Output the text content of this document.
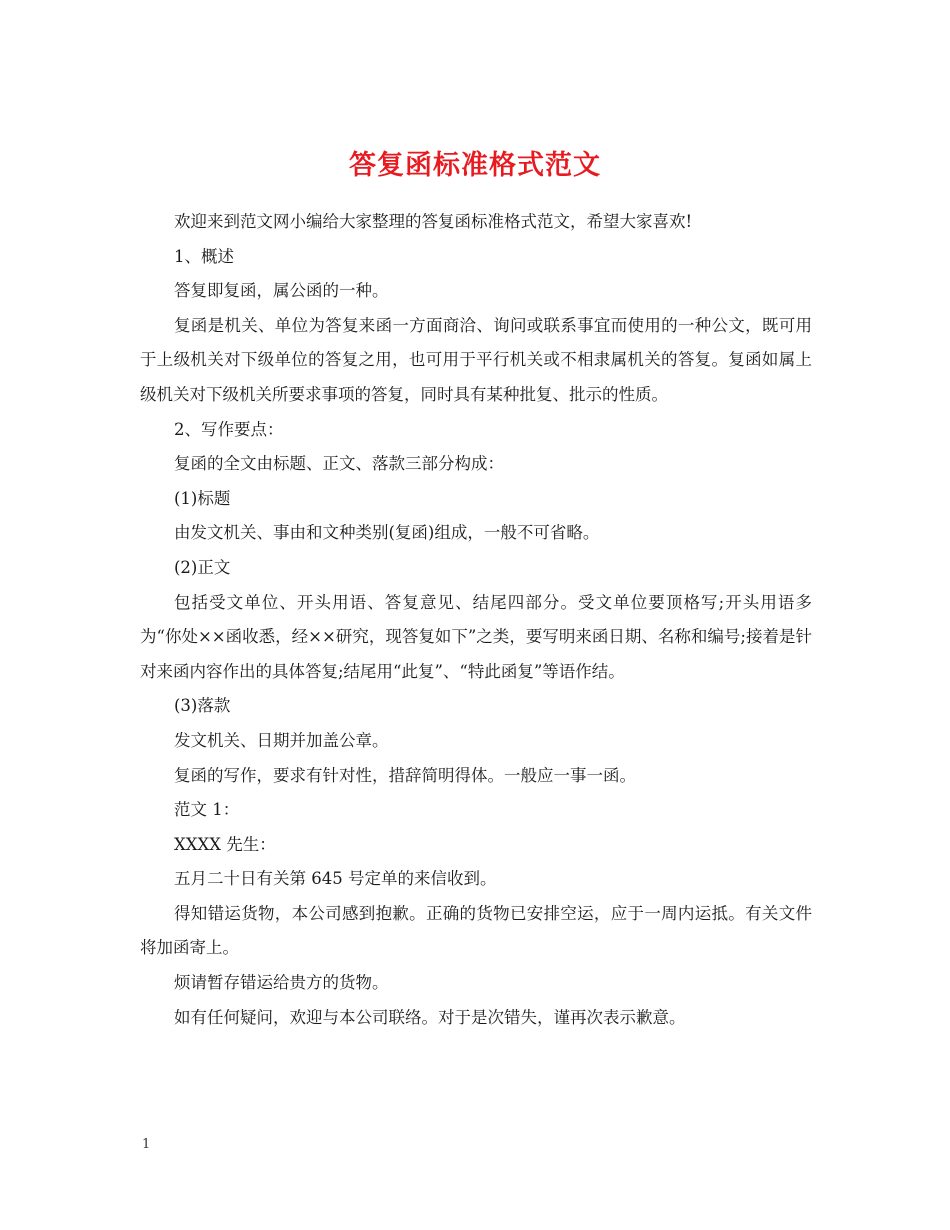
答复函标准格式范文

欢迎来到范文网小编给大家整理的答复函标准格式范文，希望大家喜欢!

1、概述

答复即复函，属公函的一种。

复函是机关、单位为答复来函一方面商洽、询问或联系事宜而使用的一种公文，既可用于上级机关对下级单位的答复之用，也可用于平行机关或不相隶属机关的答复。复函如属上级机关对下级机关所要求事项的答复，同时具有某种批复、批示的性质。

2、写作要点：

复函的全文由标题、正文、落款三部分构成：

(1)标题

由发文机关、事由和文种类别(复函)组成，一般不可省略。

(2)正文

包括受文单位、开头用语、答复意见、结尾四部分。受文单位要顶格写;开头用语多为“你处××函收悉，经××研究，现答复如下”之类，要写明来函日期、名称和编号;接着是针对来函内容作出的具体答复;结尾用“此复”、“特此函复”等语作结。

(3)落款

发文机关、日期并加盖公章。

复函的写作，要求有针对性，措辞简明得体。一般应一事一函。

范文 1：

XXXX 先生：

五月二十日有关第 645 号定单的来信收到。

得知错运货物，本公司感到抱歉。正确的货物已安排空运，应于一周内运抵。有关文件将加函寄上。

烦请暂存错运给贵方的货物。

如有任何疑问，欢迎与本公司联络。对于是次错失，谨再次表示歉意。

1
